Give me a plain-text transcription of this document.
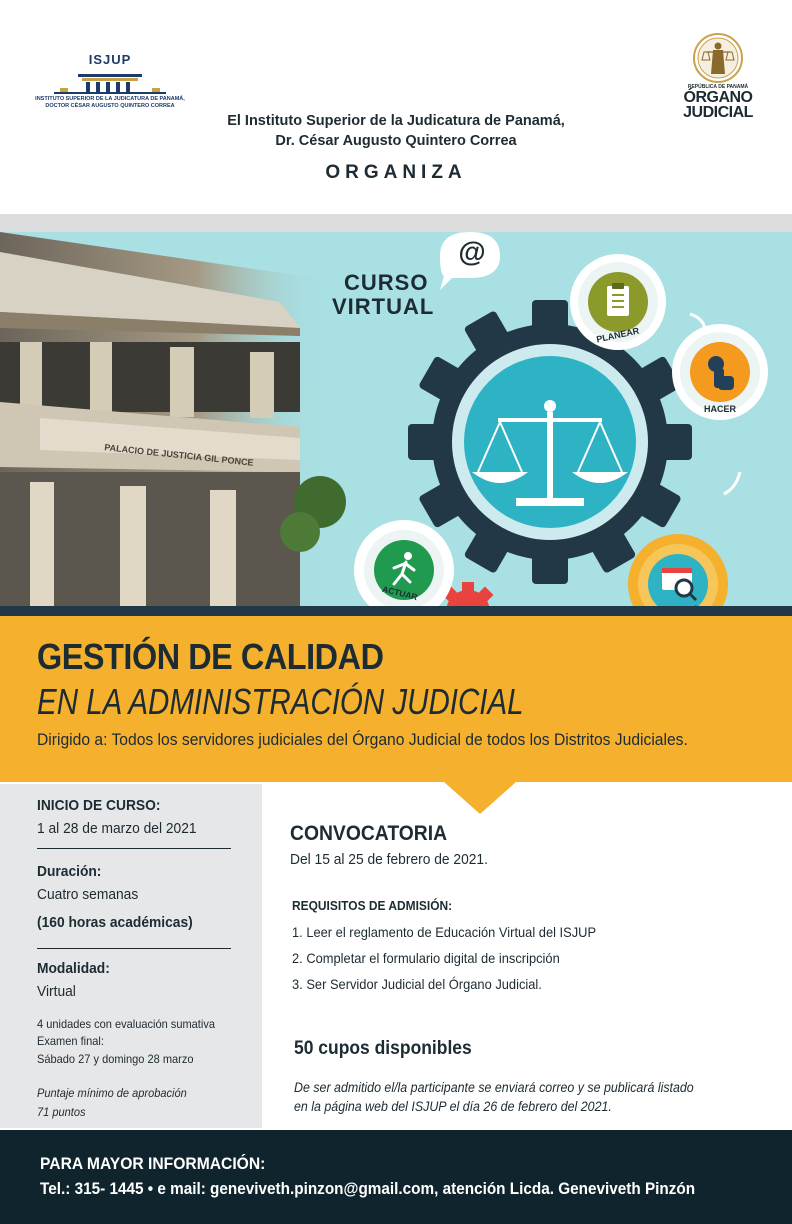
ISJUP
INSTITUTO SUPERIOR DE LA JUDICATURA DE PANAMÁ,
DOCTOR CÉSAR AUGUSTO QUINTERO CORREA
REPÚBLICA DE PANAMÁ
ÓRGANO
JUDICIAL
El Instituto Superior de la Judicatura de Panamá,
Dr. César Augusto Quintero Correa
ORGANIZA
@
CURSO
VIRTUAL
PALACIO DE JUSTICIA GIL PONCE
PLANEAR
HACER
ACTUAR
GESTIÓN DE CALIDAD
EN LA ADMINISTRACIÓN JUDICIAL
Dirigido a: Todos los servidores judiciales del Órgano Judicial de todos los Distritos Judiciales.
INICIO DE CURSO:
1 al 28 de marzo del 2021
Duración:
Cuatro semanas
(160 horas académicas)
Modalidad:
Virtual
4 unidades con evaluación sumativa
Examen final:
Sábado 27 y domingo 28 marzo
Puntaje mínimo de aprobación
71 puntos
CONVOCATORIA
Del 15 al 25 de febrero de 2021.
REQUISITOS DE ADMISIÓN:
1. Leer el reglamento de Educación Virtual del ISJUP
2. Completar el formulario digital de inscripción
3. Ser Servidor Judicial del Órgano Judicial.
50 cupos disponibles
De ser admitido el/la participante se enviará correo y se publicará listado
en la página web del ISJUP el día 26 de febrero del 2021.
PARA MAYOR INFORMACIÓN:
Tel.: 315- 1445 • e mail: geneviveth.pinzon@gmail.com, atención Licda. Geneviveth Pinzón
